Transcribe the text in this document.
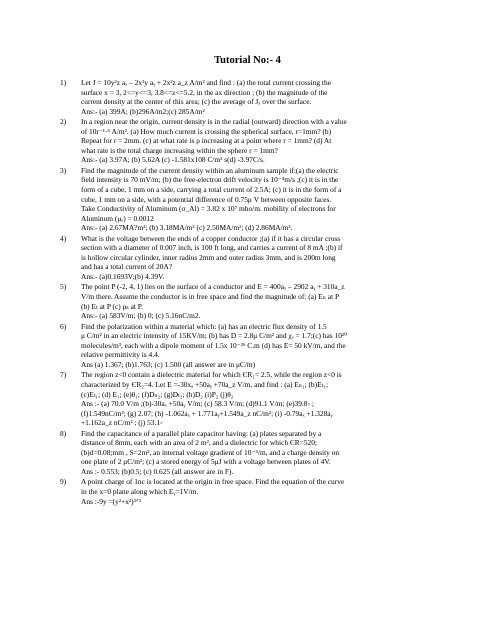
Tutorial No:- 4
1) Let J = 10y²z aₓ – 2x²y aᵧ + 2x²z a_z A/m² and find : (a) the total current crossing the
surface x = 3, 2<=y<=3, 3.8<=z<=5.2, in the ax direction ; (b) the magnitude of the
current density at the center of this area; (c) the average of Jₓ over the surface.
Ans:- (a) 399A; (b)296A/m2;(c) 285A/m²
2) In a region near the origin, current density is in the radial (outward) direction with a value
of 10r⁻¹·⁵ A/m². (a) How much current is crossing the spherical surface, r=1mm? (b)
Repeat for r = 2mm. (c) at what rate is ρ increasing at a point where r = 1mm? (d) At
what rate is the total charge increasing within the sphere r = 1mm?
Ans:- (a) 3.97A; (b) 5.62A (c) -1.581x108 C/m³ s(d) -3.97C/s.
3) Find the magnitude of the current density within an aluminum sample if:(a) the electric
field intensity is 70 mV/m; (b) the free-electron drift velocity is 10⁻⁴m/s ;(c) it is in the
form of a cube, 1 mm on a side, carrying a total current of 2.5A; (c) it is in the form of a
cube, 1 mm on a side, with a potential difference of 0.75μ V between opposite faces.
Take Conductivity of Aluminum (σ_Al) = 3.82 x 10⁷ mho/m. mobility of electrons for
Aluminum (μₑ) = 0.0012
Ans:- (a) 2.67MA?m²; (b) 3.18MA/m² (c) 2.50MA/m²; (d) 2.86MA/m².
4) What is the voltage between the ends of a copper conductor ;(a) if it has a circular cross
section with a diameter of 0.007 inch, is 100 ft long, and carries a current of 8 mA ;(b) if
is hollow circular cylinder, inner radius 2mm and outer radius 3mm, and is 200m long
and has a total current of 20A?
Ans:- (a)0.1693V;(b) 4.39V.
5) The point P (-2, 4, 1) lies on the surface of a conductor and E = 400aₓ – 2902 aᵧ + 310a_z
V/m there. Assume the conductor is in free space and find the magnitude of: (a) Eₙ at P
(b) Eₜ at P (c) ρₛ at P.
Ans:- (a) 583V/m; (b) 0; (c) 5.16nC/m2.
6) Find the polarization within a material which: (a) has an electric flux density of 1.5
μ C/m² in an electric intensity of 15KV/m; (b) has D = 2.8μ C/m² and χₑ = 1.7;(c) has 10²⁰
molecules/m³, each with a dipole moment of 1.5x 10⁻²⁶ C.m (d) has E= 50 kV/m, and the
relative permittivity is 4.4.
Ans (a) 1.367; (b)1.763; (c) 1.500 (all answer are in μC/m)
7) The region z<0 contain a dielectric material for which ЄR₁= 2.5, while the region z<0 is
characterized by ЄR₂=4. Let E =-30xₐ +50aᵧ +70a_z V/m, and find : (a) Eₙ₁; (b)Eₜ₁;
(c)Eₜ₁; (d) E₁; (e)θ₁; (f)Dₙ₂; (g)Dₜ₂; (h)D₂ (i)P₂ (j)θ₂
Ans :- (a) 70.0 V/m ;(b)-30aₓ +50aᵧ V/m; (c) 58.3 V/m; (d)91.1 V/m; (e)39.8◦ ;
(f)1.549nC/m²; (g) 2.07; (h) -1.062aₓ + 1.771aᵧ+1.549a_z nC/m²; (i) -0.79aₓ +1.328aᵧ
+1.162a_z nC/m² ; (j) 53.1◦
8) Find the capacitance of a parallel plate capacitor having: (a) plates separated by a
distance of 8mm, each with an area of 2 m², and a dielectric for which ЄR=520;
(b)d=0.08;mm , S=2m², an internal voltage gradient of 10⁻⁵/m, and a charge density on
one plate of 2 μC/m²; (c) a stored energy of 5μJ with a voltage between plates of 4V.
Ans :- 0.553; (b)0.5; (c) 0.625 (all answer are in F).
9) A point charge of 1nc is located at the origin in free space. Find the equation of the curve
in the x=0 plane along which Eᵧ=1V/m.
Ans :-9y =(y²+x²)³ᐟ²
